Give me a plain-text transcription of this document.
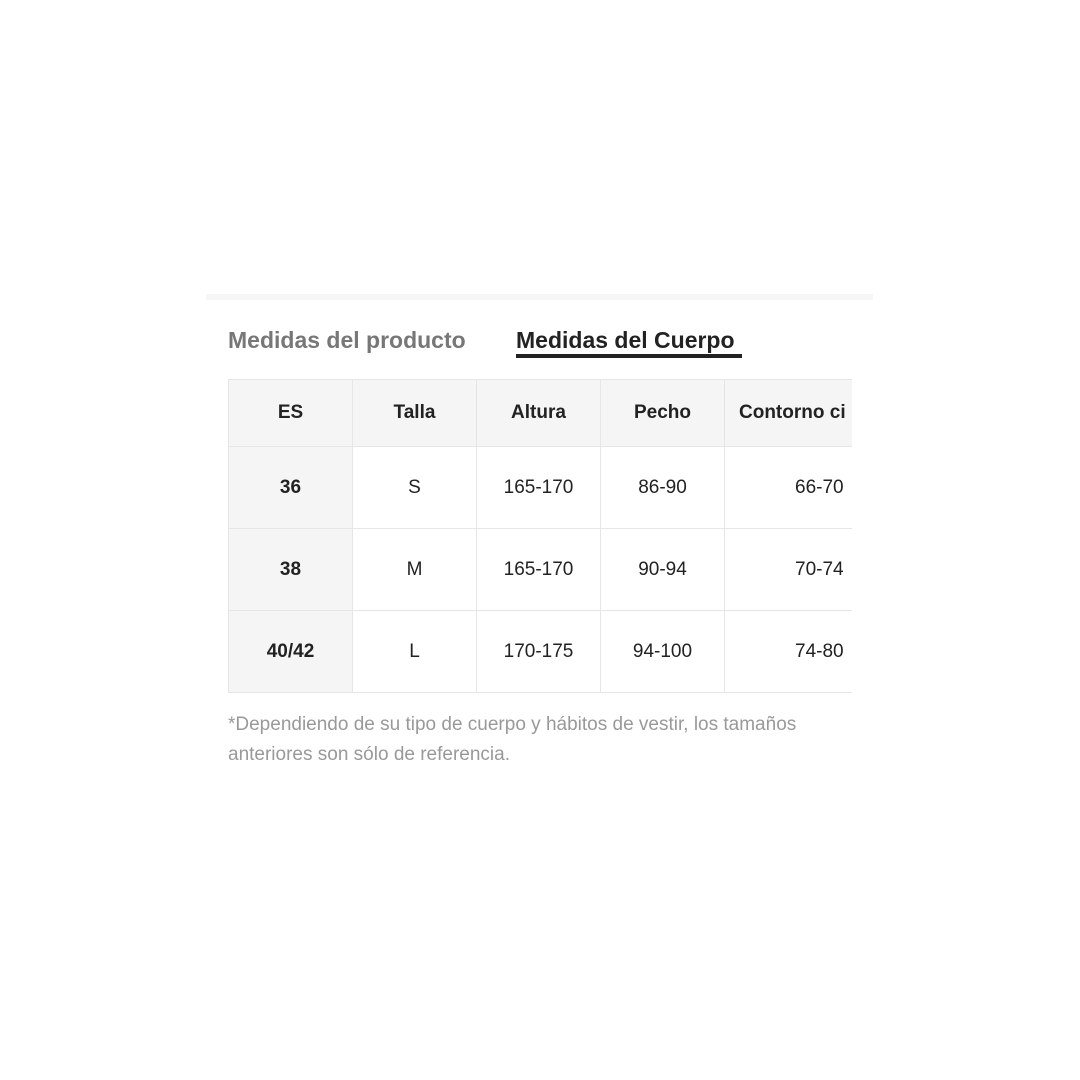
Medidas del producto Medidas del Cuerpo
ES	Talla	Altura	Pecho	Contorno ci
36	S	165-170	86-90	66-70
38	M	165-170	90-94	70-74
40/42	L	170-175	94-100	74-80
*Dependiendo de su tipo de cuerpo y hábitos de vestir, los tamaños anteriores son sólo de referencia.
